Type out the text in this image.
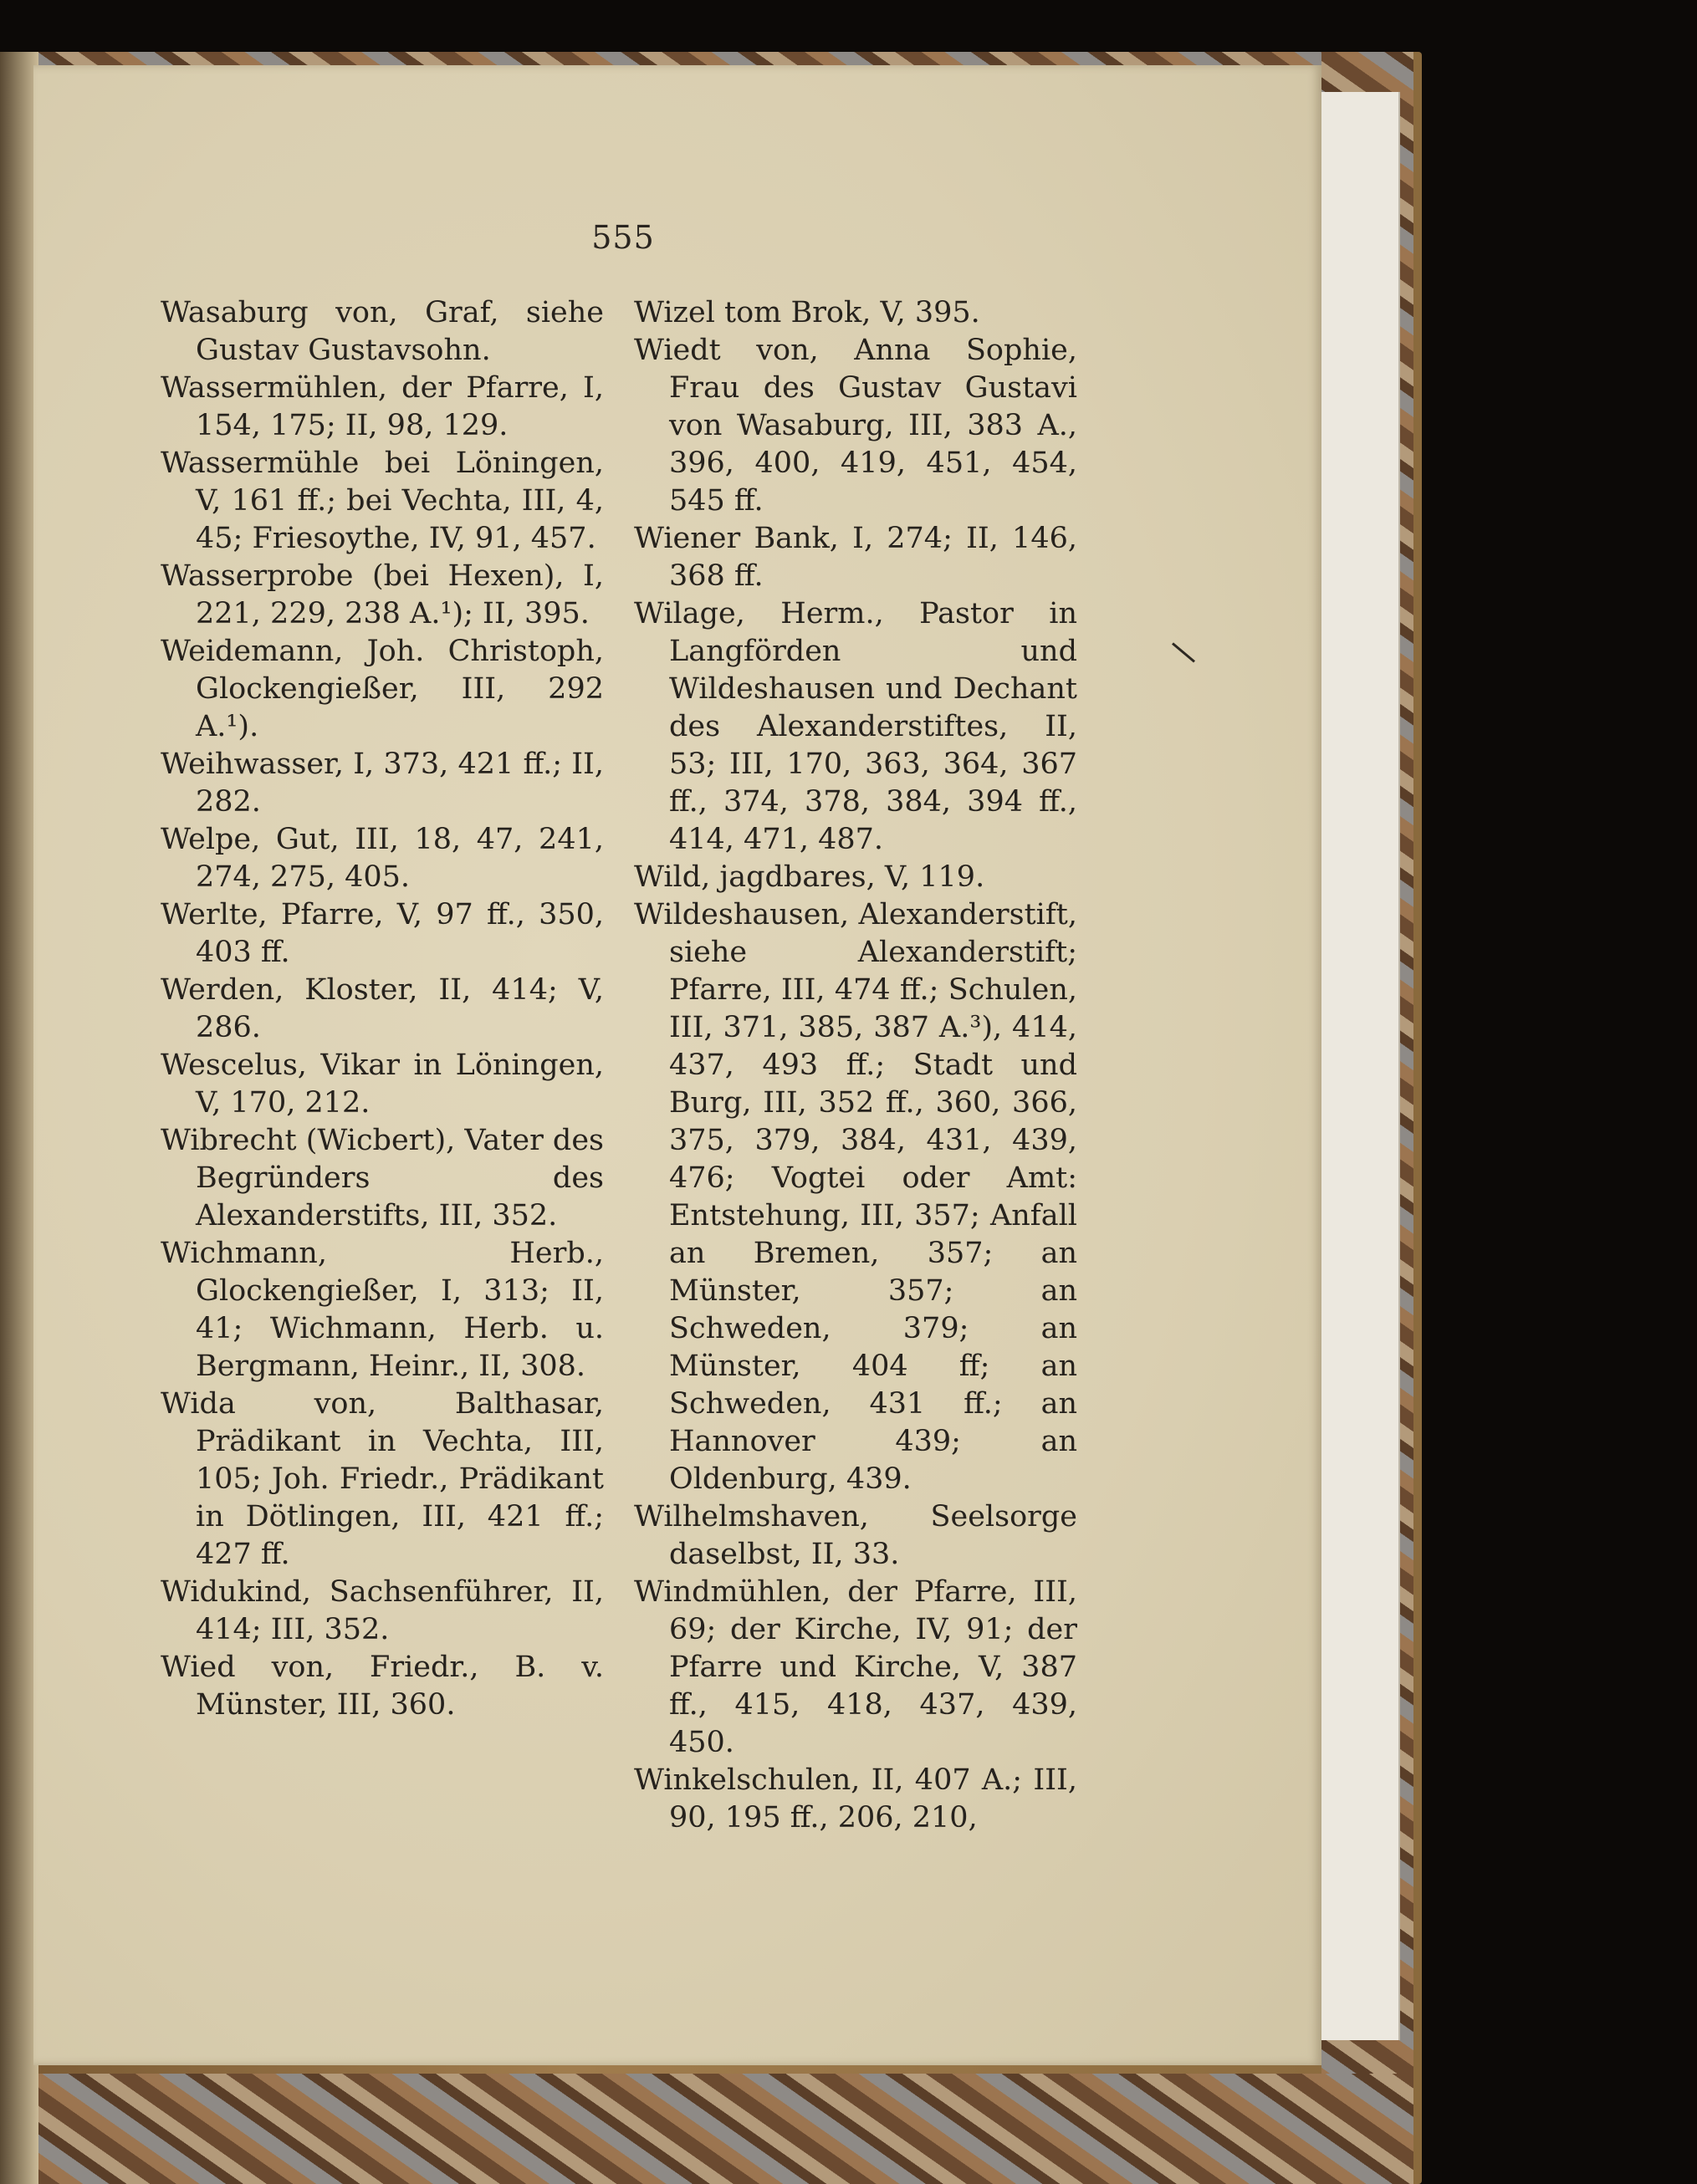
555

Wasaburg von, Graf, siehe Gustav Gustavsohn.

Wassermühlen, der Pfarre, I, 154, 175; II, 98, 129.

Wassermühle bei Löningen, V, 161 ff.; bei Vechta, III, 4, 45; Friesoythe, IV, 91, 457.

Wasserprobe (bei Hexen), I, 221, 229, 238 A.¹); II, 395.

Weidemann, Joh. Christoph, Glockengießer, III, 292 A.¹).

Weihwasser, I, 373, 421 ff.; II, 282.

Welpe, Gut, III, 18, 47, 241, 274, 275, 405.

Werlte, Pfarre, V, 97 ff., 350, 403 ff.

Werden, Kloster, II, 414; V, 286.

Wescelus, Vikar in Löningen, V, 170, 212.

Wibrecht (Wicbert), Vater des Begründers des Alexanderstifts, III, 352.

Wichmann, Herb., Glockengießer, I, 313; II, 41; Wichmann, Herb. u. Bergmann, Heinr., II, 308.

Wida von, Balthasar, Prädikant in Vechta, III, 105; Joh. Friedr., Prädikant in Dötlingen, III, 421 ff.; 427 ff.

Widukind, Sachsenführer, II, 414; III, 352.

Wied von, Friedr., B. v. Münster, III, 360.

Wizel tom Brok, V, 395.

Wiedt von, Anna Sophie, Frau des Gustav Gustavi von Wasaburg, III, 383 A., 396, 400, 419, 451, 454, 545 ff.

Wiener Bank, I, 274; II, 146, 368 ff.

Wilage, Herm., Pastor in Langförden und Wildeshausen und Dechant des Alexanderstiftes, II, 53; III, 170, 363, 364, 367 ff., 374, 378, 384, 394 ff., 414, 471, 487.

Wild, jagdbares, V, 119.

Wildeshausen, Alexanderstift, siehe Alexanderstift; Pfarre, III, 474 ff.; Schulen, III, 371, 385, 387 A.³), 414, 437, 493 ff.; Stadt und Burg, III, 352 ff., 360, 366, 375, 379, 384, 431, 439, 476; Vogtei oder Amt: Entstehung, III, 357; Anfall an Bremen, 357; an Münster, 357; an Schweden, 379; an Münster, 404 ff; an Schweden, 431 ff.; an Hannover 439; an Oldenburg, 439.

Wilhelmshaven, Seelsorge daselbst, II, 33.

Windmühlen, der Pfarre, III, 69; der Kirche, IV, 91; der Pfarre und Kirche, V, 387 ff., 415, 418, 437, 439, 450.

Winkelschulen, II, 407 A.; III, 90, 195 ff., 206, 210,
